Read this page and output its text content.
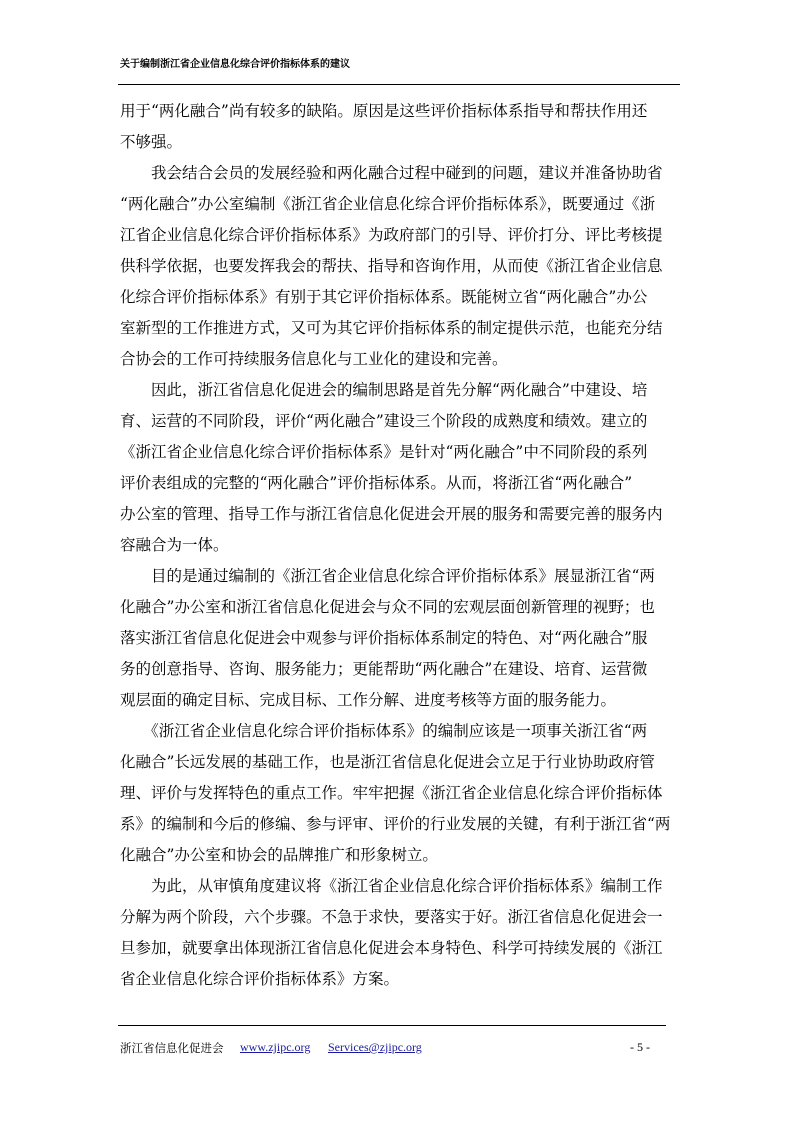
关于编制浙江省企业信息化综合评价指标体系的建议
用于“两化融合”尚有较多的缺陷。原因是这些评价指标体系指导和帮扶作用还
不够强。
　　我会结合会员的发展经验和两化融合过程中碰到的问题，建议并准备协助省
“两化融合”办公室编制《浙江省企业信息化综合评价指标体系》，既要通过《浙
江省企业信息化综合评价指标体系》为政府部门的引导、评价打分、评比考核提
供科学依据，也要发挥我会的帮扶、指导和咨询作用，从而使《浙江省企业信息
化综合评价指标体系》有别于其它评价指标体系。既能树立省“两化融合”办公
室新型的工作推进方式，又可为其它评价指标体系的制定提供示范，也能充分结
合协会的工作可持续服务信息化与工业化的建设和完善。
　　因此，浙江省信息化促进会的编制思路是首先分解“两化融合”中建设、培
育、运营的不同阶段，评价“两化融合”建设三个阶段的成熟度和绩效。建立的
《浙江省企业信息化综合评价指标体系》是针对“两化融合”中不同阶段的系列
评价表组成的完整的“两化融合”评价指标体系。从而，将浙江省“两化融合”
办公室的管理、指导工作与浙江省信息化促进会开展的服务和需要完善的服务内
容融合为一体。
　　目的是通过编制的《浙江省企业信息化综合评价指标体系》展显浙江省“两
化融合”办公室和浙江省信息化促进会与众不同的宏观层面创新管理的视野；也
落实浙江省信息化促进会中观参与评价指标体系制定的特色、对“两化融合”服
务的创意指导、咨询、服务能力；更能帮助“两化融合”在建设、培育、运营微
观层面的确定目标、完成目标、工作分解、进度考核等方面的服务能力。
　　《浙江省企业信息化综合评价指标体系》的编制应该是一项事关浙江省“两
化融合”长远发展的基础工作，也是浙江省信息化促进会立足于行业协助政府管
理、评价与发挥特色的重点工作。牢牢把握《浙江省企业信息化综合评价指标体
系》的编制和今后的修编、参与评审、评价的行业发展的关键，有利于浙江省“两
化融合”办公室和协会的品牌推广和形象树立。
　　为此，从审慎角度建议将《浙江省企业信息化综合评价指标体系》编制工作
分解为两个阶段，六个步骤。不急于求快，要落实于好。浙江省信息化促进会一
旦参加，就要拿出体现浙江省信息化促进会本身特色、科学可持续发展的《浙江
省企业信息化综合评价指标体系》方案。
浙江省信息化促进会 www.zjipc.org Services@zjipc.org	- 5 -
